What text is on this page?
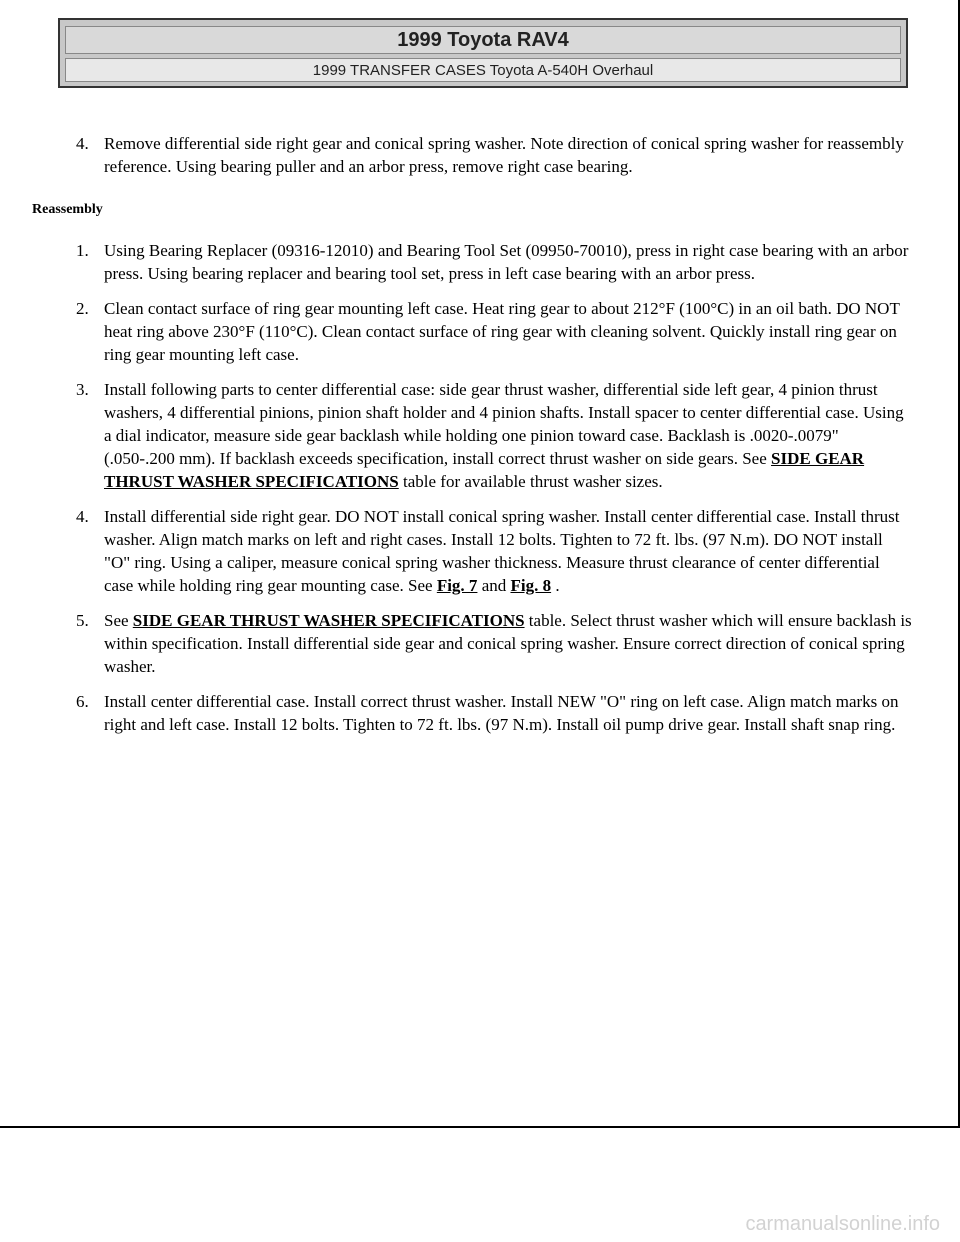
1999 Toyota RAV4
1999 TRANSFER CASES Toyota A-540H Overhaul
4. Remove differential side right gear and conical spring washer. Note direction of conical spring washer for reassembly reference. Using bearing puller and an arbor press, remove right case bearing.
Reassembly
1. Using Bearing Replacer (09316-12010) and Bearing Tool Set (09950-70010), press in right case bearing with an arbor press. Using bearing replacer and bearing tool set, press in left case bearing with an arbor press.
2. Clean contact surface of ring gear mounting left case. Heat ring gear to about 212°F (100°C) in an oil bath. DO NOT heat ring above 230°F (110°C). Clean contact surface of ring gear with cleaning solvent. Quickly install ring gear on ring gear mounting left case.
3. Install following parts to center differential case: side gear thrust washer, differential side left gear, 4 pinion thrust washers, 4 differential pinions, pinion shaft holder and 4 pinion shafts. Install spacer to center differential case. Using a dial indicator, measure side gear backlash while holding one pinion toward case. Backlash is .0020-.0079" (.050-.200 mm). If backlash exceeds specification, install correct thrust washer on side gears. See SIDE GEAR THRUST WASHER SPECIFICATIONS table for available thrust washer sizes.
4. Install differential side right gear. DO NOT install conical spring washer. Install center differential case. Install thrust washer. Align match marks on left and right cases. Install 12 bolts. Tighten to 72 ft. lbs. (97 N.m). DO NOT install "O" ring. Using a caliper, measure conical spring washer thickness. Measure thrust clearance of center differential case while holding ring gear mounting case. See Fig. 7 and Fig. 8 .
5. See SIDE GEAR THRUST WASHER SPECIFICATIONS table. Select thrust washer which will ensure backlash is within specification. Install differential side gear and conical spring washer. Ensure correct direction of conical spring washer.
6. Install center differential case. Install correct thrust washer. Install NEW "O" ring on left case. Align match marks on right and left case. Install 12 bolts. Tighten to 72 ft. lbs. (97 N.m). Install oil pump drive gear. Install shaft snap ring.
carmanualsonline.info
